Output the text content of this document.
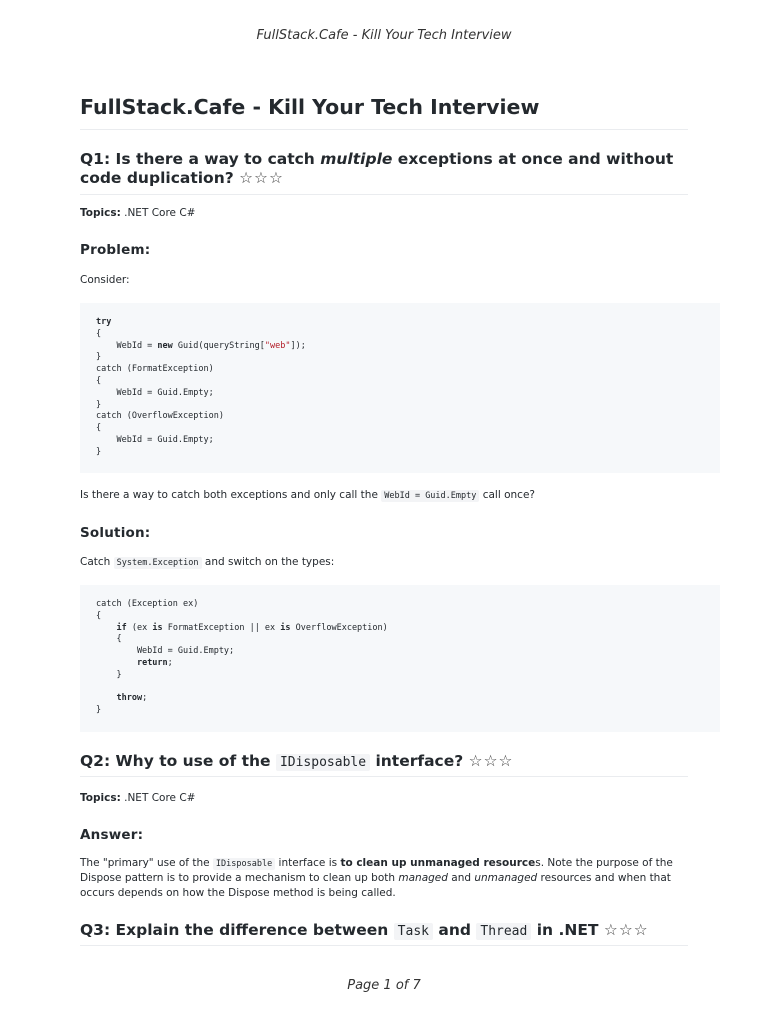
FullStack.Cafe - Kill Your Tech Interview
FullStack.Cafe - Kill Your Tech Interview
Q1: Is there a way to catch multiple exceptions at once and without code duplication? ☆☆☆

Topics: .NET Core C#

Problem:

Consider:

try
{
WebId = new Guid(queryString["web"]);
}
catch (FormatException)
{
WebId = Guid.Empty;
}
catch (OverflowException)
{
WebId = Guid.Empty;
}

Is there a way to catch both exceptions and only call the WebId = Guid.Empty call once?

Solution:

Catch System.Exception and switch on the types:

catch (Exception ex)
{
if (ex is FormatException || ex is OverflowException)
{
WebId = Guid.Empty;
return;
}

throw;
}
Q2: Why to use of the IDisposable interface? ☆☆☆

Topics: .NET Core C#

Answer:

The "primary" use of the IDisposable interface is to clean up unmanaged resources. Note the purpose of the Dispose pattern is to provide a mechanism to clean up both managed and unmanaged resources and when that occurs depends on how the Dispose method is being called.

Q3: Explain the difference between Task and Thread in .NET ☆☆☆
Page 1 of 7
